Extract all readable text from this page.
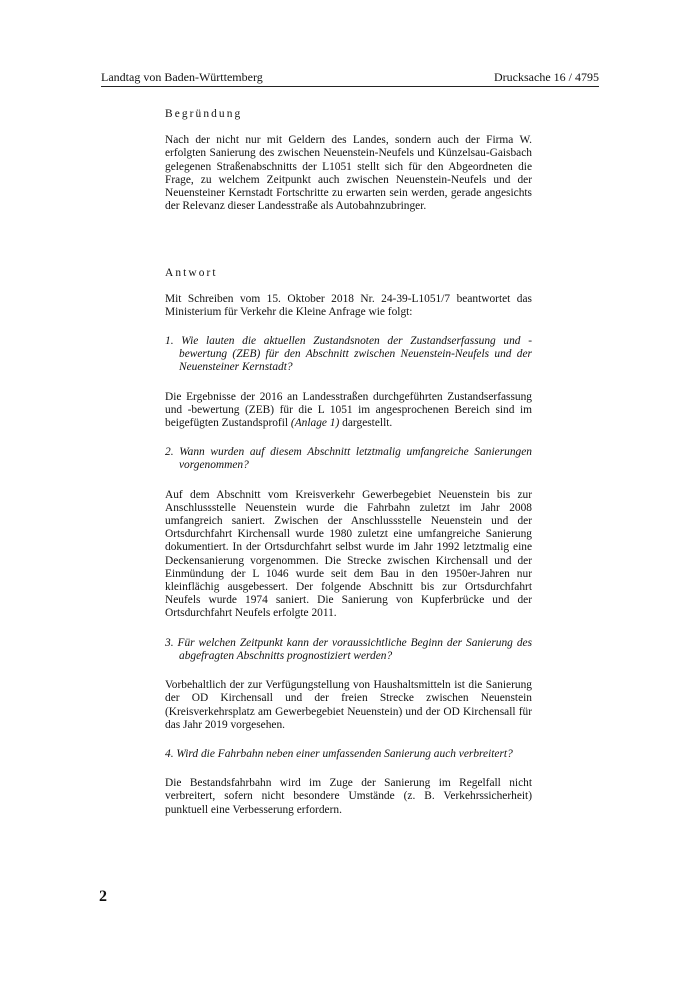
Landtag von Baden-Württemberg	Drucksache 16 / 4795
Begründung

Nach der nicht nur mit Geldern des Landes, sondern auch der Firma W. erfolgten Sanierung des zwischen Neuenstein-Neufels und Künzelsau-Gaisbach gelegenen Straßenabschnitts der L1051 stellt sich für den Abgeordneten die Frage, zu welchem Zeitpunkt auch zwischen Neuenstein-Neufels und der Neuensteiner Kernstadt Fortschritte zu erwarten sein werden, gerade angesichts der Relevanz dieser Landesstraße als Autobahnzubringer.

Antwort

Mit Schreiben vom 15. Oktober 2018 Nr. 24-39-L1051/7 beantwortet das Ministerium für Verkehr die Kleine Anfrage wie folgt:

1. Wie lauten die aktuellen Zustandsnoten der Zustandserfassung und -bewertung (ZEB) für den Abschnitt zwischen Neuenstein-Neufels und der Neuensteiner Kernstadt?

Die Ergebnisse der 2016 an Landesstraßen durchgeführten Zustandserfassung und -bewertung (ZEB) für die L 1051 im angesprochenen Bereich sind im beigefügten Zustandsprofil (Anlage 1) dargestellt.

2. Wann wurden auf diesem Abschnitt letztmalig umfangreiche Sanierungen vorgenommen?

Auf dem Abschnitt vom Kreisverkehr Gewerbegebiet Neuenstein bis zur Anschlussstelle Neuenstein wurde die Fahrbahn zuletzt im Jahr 2008 umfangreich saniert. Zwischen der Anschlussstelle Neuenstein und der Ortsdurchfahrt Kirchensall wurde 1980 zuletzt eine umfangreiche Sanierung dokumentiert. In der Ortsdurchfahrt selbst wurde im Jahr 1992 letztmalig eine Deckensanierung vorgenommen. Die Strecke zwischen Kirchensall und der Einmündung der L 1046 wurde seit dem Bau in den 1950er-Jahren nur kleinflächig ausgebessert. Der folgende Abschnitt bis zur Ortsdurchfahrt Neufels wurde 1974 saniert. Die Sanierung von Kupferbrücke und der Ortsdurchfahrt Neufels erfolgte 2011.

3. Für welchen Zeitpunkt kann der voraussichtliche Beginn der Sanierung des abgefragten Abschnitts prognostiziert werden?

Vorbehaltlich der zur Verfügungstellung von Haushaltsmitteln ist die Sanierung der OD Kirchensall und der freien Strecke zwischen Neuenstein (Kreisverkehrsplatz am Gewerbegebiet Neuenstein) und der OD Kirchensall für das Jahr 2019 vorgesehen.

4. Wird die Fahrbahn neben einer umfassenden Sanierung auch verbreitert?

Die Bestandsfahrbahn wird im Zuge der Sanierung im Regelfall nicht verbreitert, sofern nicht besondere Umstände (z. B. Verkehrssicherheit) punktuell eine Verbesserung erfordern.

2
